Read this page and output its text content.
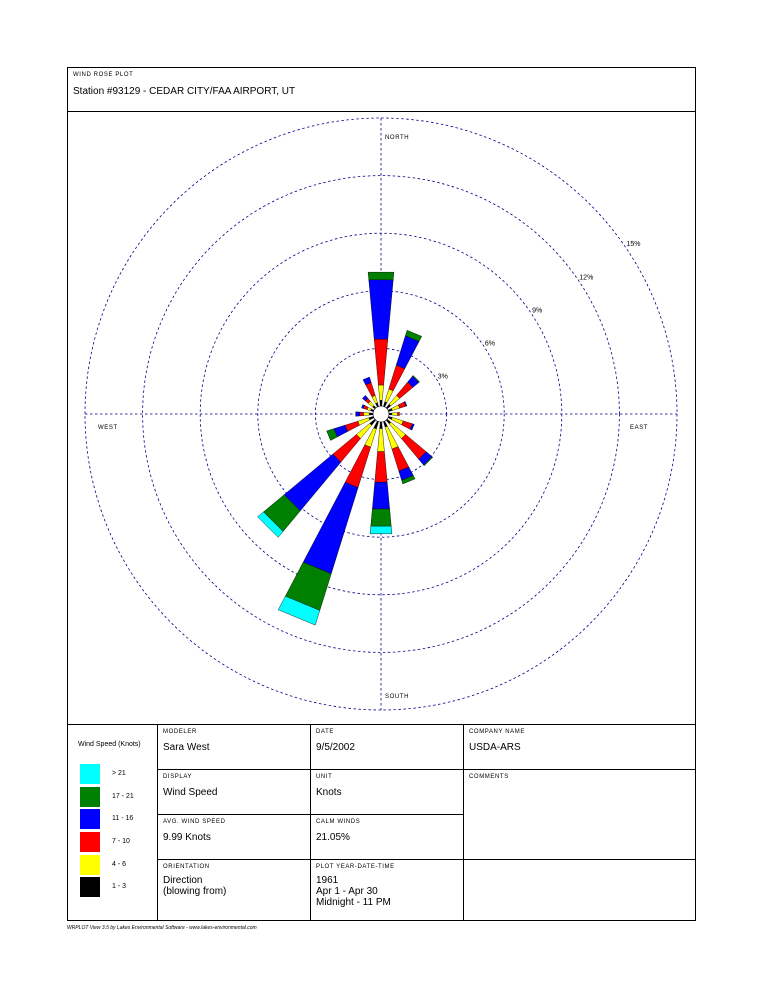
WIND ROSE PLOT
Station #93129 - CEDAR CITY/FAA AIRPORT, UT
3%
6%
9%
12%
15%
NORTH
SOUTH
EAST
WEST
Wind Speed (Knots)
> 21
17 - 21
11 - 16
7 - 10
4 - 6
1 - 3
MODELER
Sara West
DATE
9/5/2002
COMPANY NAME
USDA-ARS
DISPLAY
Wind Speed
UNIT
Knots
COMMENTS
AVG. WIND SPEED
9.99 Knots
CALM WINDS
21.05%
ORIENTATION
Direction
(blowing from)
PLOT YEAR-DATE-TIME
1961
Apr 1 - Apr 30
Midnight - 11 PM
WRPLOT View 3.5 by Lakes Environmental Software - www.lakes-environmental.com
